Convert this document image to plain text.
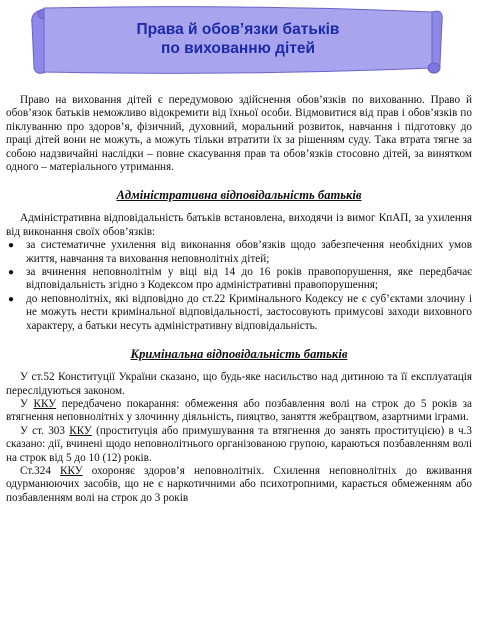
Права й обов’язки батьків
по вихованню дітей

Право на виховання дітей є передумовою здійснення обов’язків по вихованню. Право й обов’язок батьків неможливо відокремити від їхньої особи. Відмовитися від прав і обов’язків по піклуванню про здоров’я, фізичний, духовний, моральний розвиток, навчання і підготовку до праці дітей вони не можуть, а можуть тільки втратити їх за рішенням суду. Така втрата тягне за собою надзвичайні наслідки – повне скасування прав та обов’язків стосовно дітей, за винятком одного – матеріального утримання.

Адміністративна відповідальність батьків

Адміністративна відповідальність батьків встановлена, виходячи із вимог КпАП, за ухилення від виконання своїх обов’язків:

● за систематичне ухилення від виконання обов’язків щодо забезпечення необхідних умов життя, навчання та виховання неповнолітніх дітей;
● за вчинення неповнолітнім у віці від 14 до 16 років правопорушення, яке передбачає відповідальність згідно з Кодексом про адміністративні правопорушення;
● до неповнолітніх, які відповідно до ст.22 Кримінального Кодексу не є суб’єктами злочину і не можуть нести кримінальної відповідальності, застосовують примусові заходи виховного характеру, а батьки несуть адміністративну відповідальність.
Кримінальна відповідальність батьків

У ст.52 Конституції України сказано, що будь-яке насильство над дитиною та її експлуатація переслідуються законом.

У ККУ передбачено покарання: обмеження або позбавлення волі на строк до 5 років за втягнення неповнолітніх у злочинну діяльність, пияцтво, заняття жебрацтвом, азартними іграми.

У ст. 303 ККУ (проституція або примушування та втягнення до занять проституцією) в ч.3 сказано: дії, вчинені щодо неповнолітнього організованою групою, караються позбавленням волі на строк від 5 до 10 (12) років.

Ст.324 ККУ охороняє здоров’я неповнолітніх. Схилення неповнолітніх до вживання одурманюючих засобів, що не є наркотичними або психотропними, карається обмеженням або позбавленням волі на строк до 3 років
